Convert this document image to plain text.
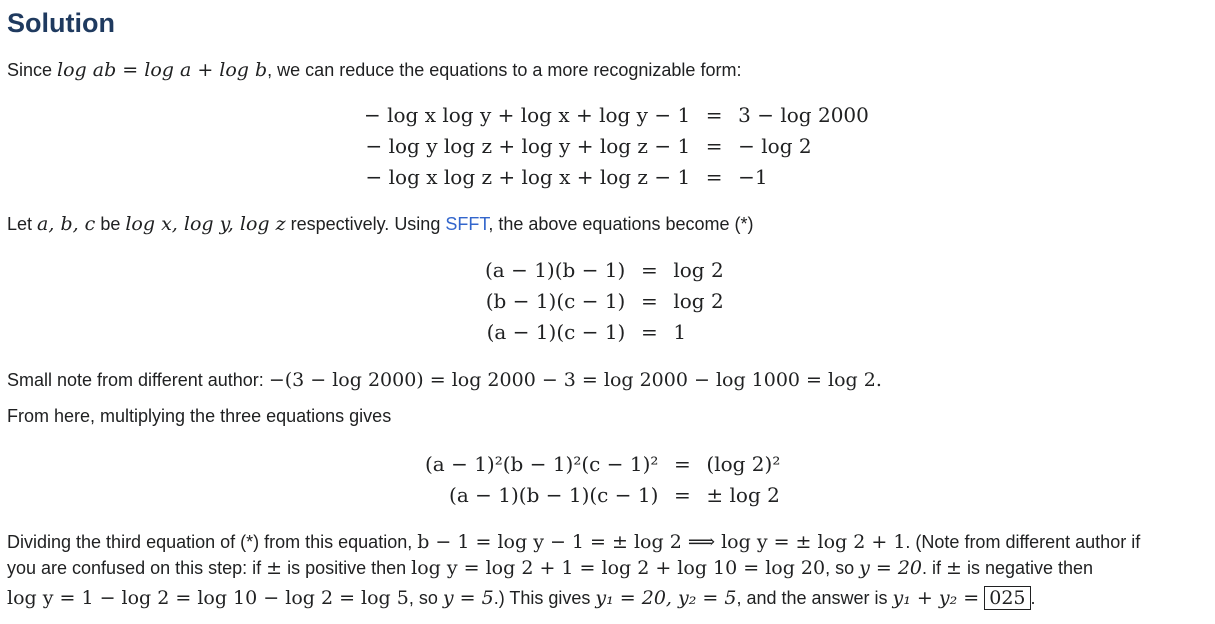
Solution

Since log ab = log a + log b, we can reduce the equations to a more recognizable form:

− log x log y + log x + log y − 1	=	3 − log 2000
− log y log z + log y + log z − 1	=	− log 2
− log x log z + log x + log z − 1	=	−1

Let a, b, c be log x, log y, log z respectively. Using SFFT, the above equations become (*)

(a − 1)(b − 1)	=	log 2
(b − 1)(c − 1)	=	log 2
(a − 1)(c − 1)	=	1

Small note from different author: −(3 − log 2000) = log 2000 − 3 = log 2000 − log 1000 = log 2.

From here, multiplying the three equations gives

(a − 1)²(b − 1)²(c − 1)²	=	(log 2)²
(a − 1)(b − 1)(c − 1)	=	± log 2

Dividing the third equation of (*) from this equation, b − 1 = log y − 1 = ± log 2 ⟹ log y = ± log 2 + 1. (Note from different author if

you are confused on this step: if ± is positive then log y = log 2 + 1 = log 2 + log 10 = log 20, so y = 20. if ± is negative then

log y = 1 − log 2 = log 10 − log 2 = log 5, so y = 5.) This gives y₁ = 20, y₂ = 5, and the answer is y₁ + y₂ = 025 .
